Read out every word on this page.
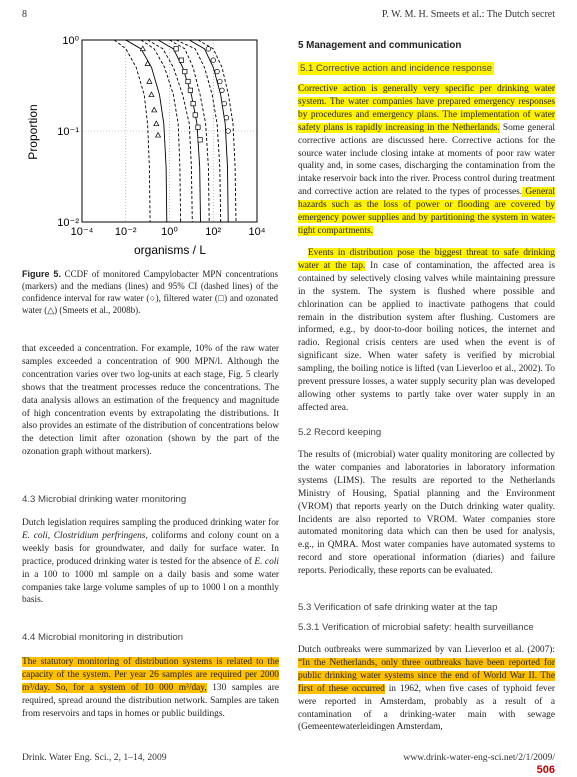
8	P. W. M. H. Smeets et al.: The Dutch secret
10⁻⁴ 10⁻² 10⁰ 10² 10⁴
10⁰
10⁻¹
10⁻²
Proportion
organisms / L
Figure 5. CCDF of monitored Campylobacter MPN concentrations (markers) and the medians (lines) and 95% CI (dashed lines) of the confidence interval for raw water (○), filtered water (□) and ozonated water (△) (Smeets et al., 2008b).

that exceeded a concentration. For example, 10% of the raw water samples exceeded a concentration of 900 MPN/l. Although the concentration varies over two log-units at each stage, Fig. 5 clearly shows that the treatment processes reduce the concentrations. The data analysis allows an estimation of the frequency and magnitude of high concentration events by extrapolating the distributions. It also provides an estimate of the distribution of concentrations below the detection limit after ozonation (shown by the part of the ozonation graph without markers).

4.3 Microbial drinking water monitoring
Dutch legislation requires sampling the produced drinking water for E. coli, Clostridium perfringens, coliforms and colony count on a weekly basis for groundwater, and daily for surface water. In practice, produced drinking water is tested for the absence of E. coli in a 100 to 1000 ml sample on a daily basis and some water companies take large volume samples of up to 1000 l on a monthly basis.
4.4 Microbial monitoring in distribution
The statutory monitoring of distribution systems is related to the capacity of the system. Per year 26 samples are required per 2000 m³/day. So, for a system of 10 000 m³/day, 130 samples are required, spread around the distribution network. Samples are taken from reservoirs and taps in homes or public buildings.
5 Management and communication
5.1 Corrective action and incidence response
Corrective action is generally very specific per drinking water system. The water companies have prepared emergency responses by procedures and emergency plans. The implementation of water safety plans is rapidly increasing in the Netherlands. Some general corrective actions are discussed here. Corrective actions for the source water include closing intake at moments of poor raw water quality and, in some cases, discharging the contamination from the intake reservoir back into the river. Process control during treatment and corrective action are related to the types of processes. General hazards such as the loss of power or flooding are covered by emergency power supplies and by partitioning the system in water-tight compartments.
Events in distribution pose the biggest threat to safe drinking water at the tap. In case of contamination, the affected area is contained by selectively closing valves while maintaining pressure in the system. The system is flushed where possible and chlorination can be applied to inactivate pathogens that could remain in the distribution system after flushing. Customers are informed, e.g., by door-to-door boiling notices, the internet and radio. Regional crisis centers are used when the event is of significant size. When water safety is verified by microbial sampling, the boiling notice is lifted (van Lieverloo et al., 2002). To prevent pressure losses, a water supply security plan was developed allowing other systems to partly take over water supply in an affected area.
5.2 Record keeping
The results of (microbial) water quality monitoring are collected by the water companies and laboratories in laboratory information systems (LIMS). The results are reported to the Netherlands Ministry of Housing, Spatial planning and the Environment (VROM) that reports yearly on the Dutch drinking water quality. Incidents are also reported to VROM. Water companies store automated monitoring data which can then be used for analysis, e.g., in QMRA. Most water companies have automated systems to record and store operational information (diaries) and failure reports. Periodically, these reports can be evaluated.
5.3 Verification of safe drinking water at the tap
5.3.1 Verification of microbial safety: health surveillance
Dutch outbreaks were summarized by van Lieverloo et al. (2007): “In the Netherlands, only three outbreaks have been reported for public drinking water systems since the end of World War II. The first of these occurred in 1962, when five cases of typhoid fever were reported in Amsterdam, probably as a result of a contamination of a drinking-water main with sewage (Gemeentewaterleidingen Amsterdam,
Drink. Water Eng. Sci., 2, 1–14, 2009	www.drink-water-eng-sci.net/2/1/2009/
506
